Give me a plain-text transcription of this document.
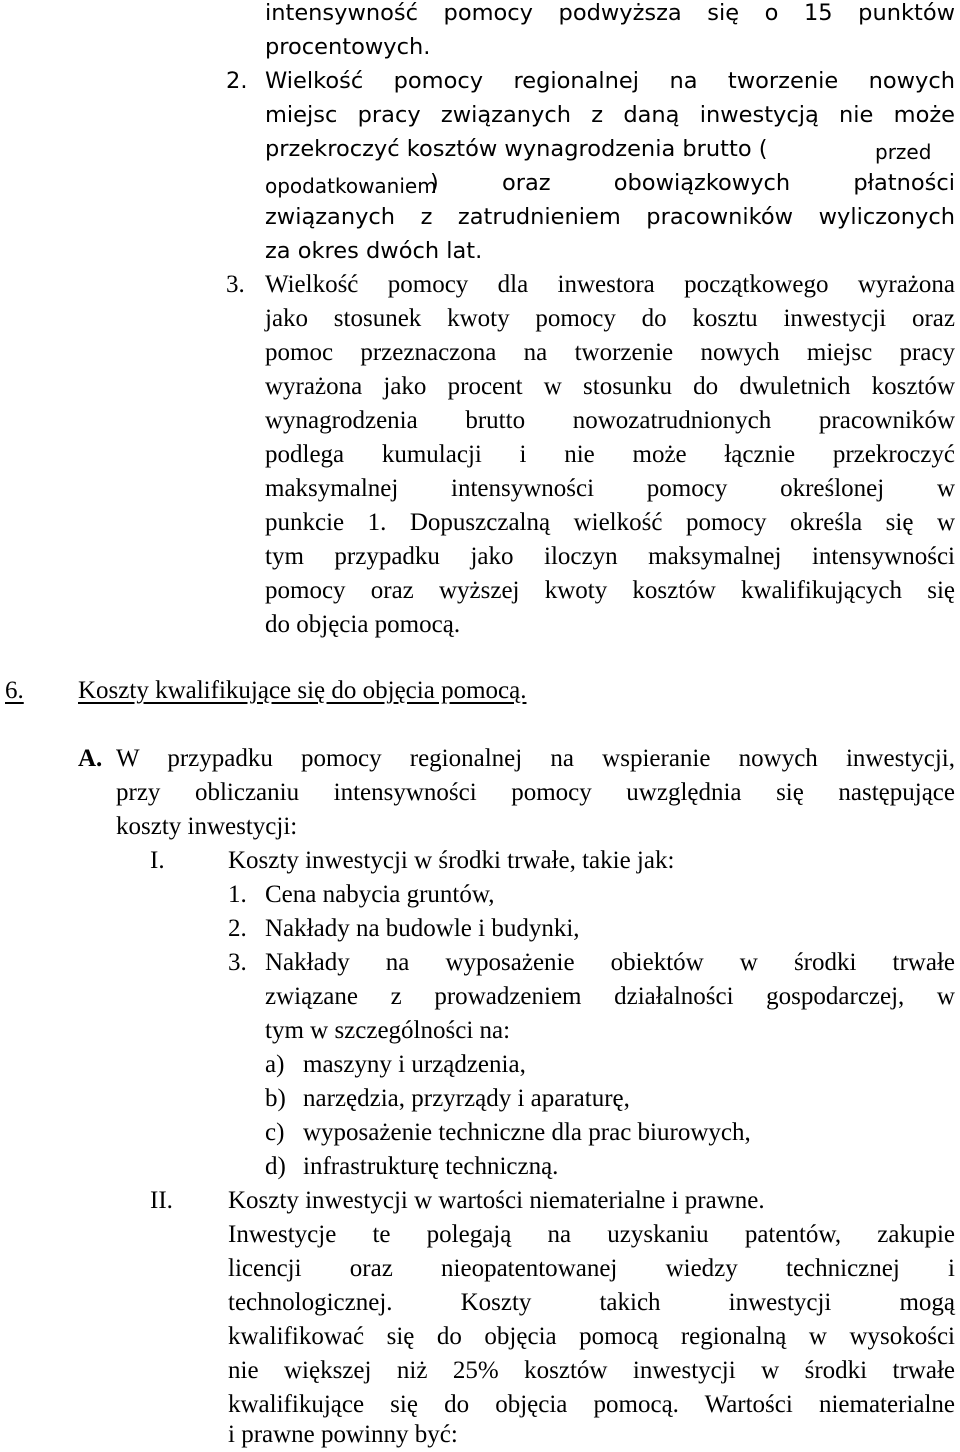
intensywność pomocy podwyższa się o 15 punktów
procentowych.
2. Wielkość pomocy regionalnej na tworzenie nowych
miejsc pracy związanych z daną inwestycją nie może
przekroczyć kosztów wynagrodzenia brutto (	przed
opodatkowaniem
) oraz obowiązkowych płatności
związanych z zatrudnieniem pracowników wyliczonych
za okres dwóch lat.
3. Wielkość pomocy dla inwestora początkowego wyrażona
jako stosunek kwoty pomocy do kosztu inwestycji oraz
pomoc przeznaczona na tworzenie nowych miejsc pracy
wyrażona jako procent w stosunku do dwuletnich kosztów
wynagrodzenia brutto nowozatrudnionych pracowników
podlega kumulacji i nie może łącznie przekroczyć
maksymalnej intensywności pomocy określonej w
punkcie 1. Dopuszczalną wielkość pomocy określa się w
tym przypadku jako iloczyn maksymalnej intensywności
pomocy oraz wyższej kwoty kosztów kwalifikujących się
do objęcia pomocą.
6.	Koszty kwalifikujące się do objęcia pomocą.
A. W przypadku pomocy regionalnej na wspieranie nowych inwestycji,
przy obliczaniu intensywności pomocy uwzględnia się następujące
koszty inwestycji:
I.	Koszty inwestycji w środki trwałe, takie jak:
1. Cena nabycia gruntów,
2. Nakłady na budowle i budynki,
3. Nakłady na wyposażenie obiektów w środki trwałe
związane z prowadzeniem działalności gospodarczej, w
tym w szczególności na:
a) maszyny i urządzenia,
b) narzędzia, przyrządy i aparaturę,
c) wyposażenie techniczne dla prac biurowych,
d) infrastrukturę techniczną.
II. Koszty inwestycji w wartości niematerialne i prawne.
Inwestycje te polegają na uzyskaniu patentów, zakupie
licencji oraz nieopatentowanej wiedzy technicznej i
technologicznej. Koszty takich inwestycji mogą
kwalifikować się do objęcia pomocą regionalną w wysokości
nie większej niż 25% kosztów inwestycji w środki trwałe
kwalifikujące się do objęcia pomocą. Wartości niematerialne
i prawne powinny być:
